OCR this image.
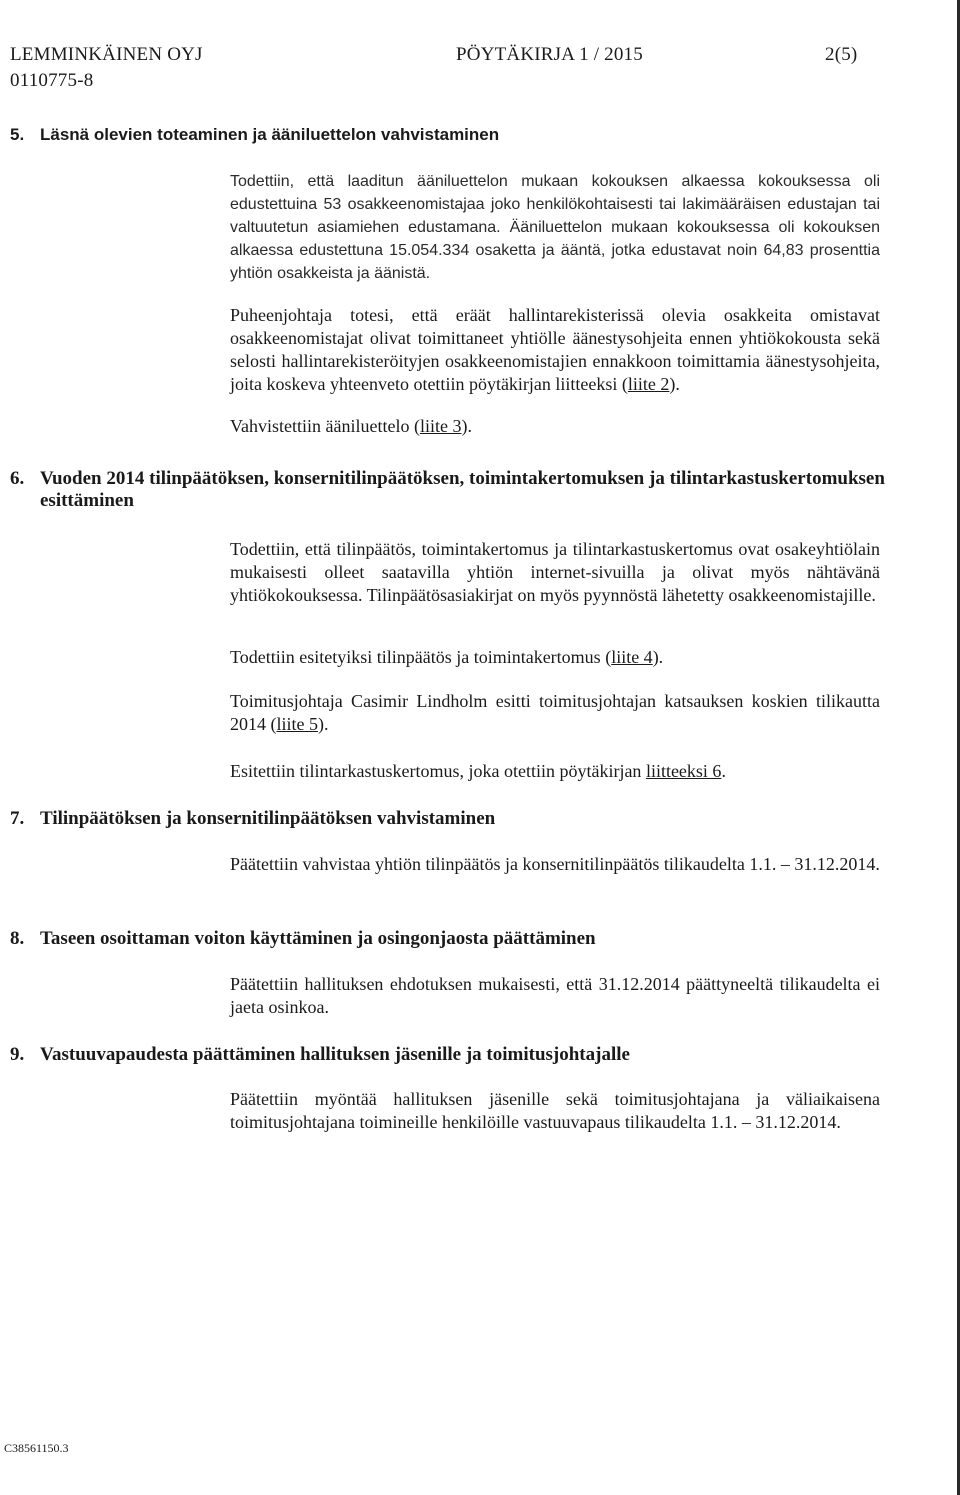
LEMMINKÄINEN OYJ
0110775-8
PÖYTÄKIRJA 1 / 2015	2(5)
5. Läsnä olevien toteaminen ja ääniluettelon vahvistaminen

Todettiin, että laaditun ääniluettelon mukaan kokouksen alkaessa kokouksessa oli edustettuina 53 osakkeenomistajaa joko henkilökohtaisesti tai lakimääräisen edustajan tai valtuutetun asiamiehen edustamana. Ääniluettelon mukaan kokouksessa oli kokouksen alkaessa edustettuna 15.054.334 osaketta ja ääntä, jotka edustavat noin 64,83 prosenttia yhtiön osakkeista ja äänistä.

Puheenjohtaja totesi, että eräät hallintarekisterissä olevia osakkeita omistavat osakkeenomistajat olivat toimittaneet yhtiölle äänestysohjeita ennen yhtiökokousta sekä selosti hallintarekisteröityjen osakkeenomistajien ennakkoon toimittamia äänestysohjeita, joita koskeva yhteenveto otettiin pöytäkirjan liitteeksi (liite 2).

Vahvistettiin ääniluettelo (liite 3).

6. Vuoden 2014 tilinpäätöksen, konsernitilinpäätöksen, toimintakertomuksen ja tilintarkastuskertomuksen esittäminen

Todettiin, että tilinpäätös, toimintakertomus ja tilintarkastuskertomus ovat osakeyhtiölain mukaisesti olleet saatavilla yhtiön internet-sivuilla ja olivat myös nähtävänä yhtiökokouksessa. Tilinpäätösasiakirjat on myös pyynnöstä lähetetty osakkeenomistajille.

Todettiin esitetyiksi tilinpäätös ja toimintakertomus (liite 4).

Toimitusjohtaja Casimir Lindholm esitti toimitusjohtajan katsauksen koskien tilikautta 2014 (liite 5).

Esitettiin tilintarkastuskertomus, joka otettiin pöytäkirjan liitteeksi 6.

7. Tilinpäätöksen ja konsernitilinpäätöksen vahvistaminen

Päätettiin vahvistaa yhtiön tilinpäätös ja konsernitilinpäätös tilikaudelta 1.1. – 31.12.2014.

8. Taseen osoittaman voiton käyttäminen ja osingonjaosta päättäminen

Päätettiin hallituksen ehdotuksen mukaisesti, että 31.12.2014 päättyneeltä tilikaudelta ei jaeta osinkoa.

9. Vastuuvapaudesta päättäminen hallituksen jäsenille ja toimitusjohtajalle

Päätettiin myöntää hallituksen jäsenille sekä toimitusjohtajana ja väliaikaisena toimitusjohtajana toimineille henkilöille vastuuvapaus tilikaudelta 1.1. – 31.12.2014.

C38561150.3
